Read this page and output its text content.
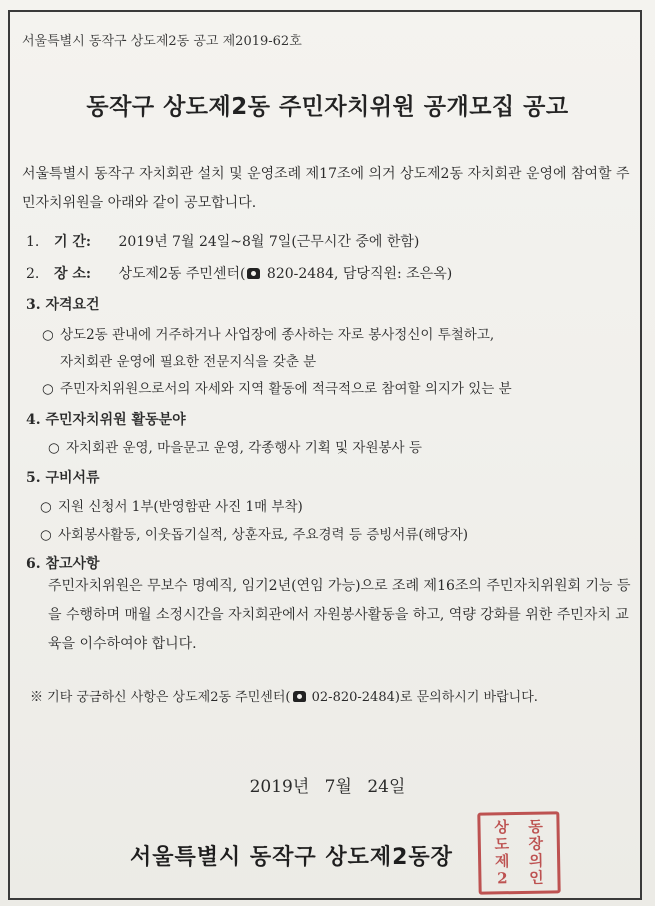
서울특별시 동작구 상도제2동 공고 제2019-62호
동작구 상도제2동 주민자치위원 공개모집 공고
서울특별시 동작구 자치회관 설치 및 운영조례 제17조에 의거 상도제2동 자치회관 운영에 참여할 주민자치위원을 아래와 같이 공모합니다.
1. 기 간: 2019년 7월 24일~8월 7일(근무시간 중에 한함)
2. 장 소: 상도제2동 주민센터( 820-2484, 담당직원: 조은옥)
3. 자격요건
○ 상도2동 관내에 거주하거나 사업장에 종사하는 자로 봉사정신이 투철하고,
자치회관 운영에 필요한 전문지식을 갖춘 분
○ 주민자치위원으로서의 자세와 지역 활동에 적극적으로 참여할 의지가 있는 분
4. 주민자치위원 활동분야
○ 자치회관 운영, 마을문고 운영, 각종행사 기획 및 자원봉사 등
5. 구비서류
○ 지원 신청서 1부(반영함판 사진 1매 부착)
○ 사회봉사활동, 이웃돕기실적, 상훈자료, 주요경력 등 증빙서류(해당자)
6. 참고사항
주민자치위원은 무보수 명예직, 임기2년(연임 가능)으로 조례 제16조의 주민자치위원회 기능 등을 수행하며 매월 소정시간을 자치회관에서 자원봉사활동을 하고, 역량 강화를 위한 주민자치 교육을 이수하여야 합니다.
※ 기타 궁금하신 사항은 상도제2동 주민센터( 02-820-2484)로 문의하시기 바랍니다.
2019년 7월 24일
서울특별시 동작구 상도제2동장
상
도
제
2
동
장
의
인
